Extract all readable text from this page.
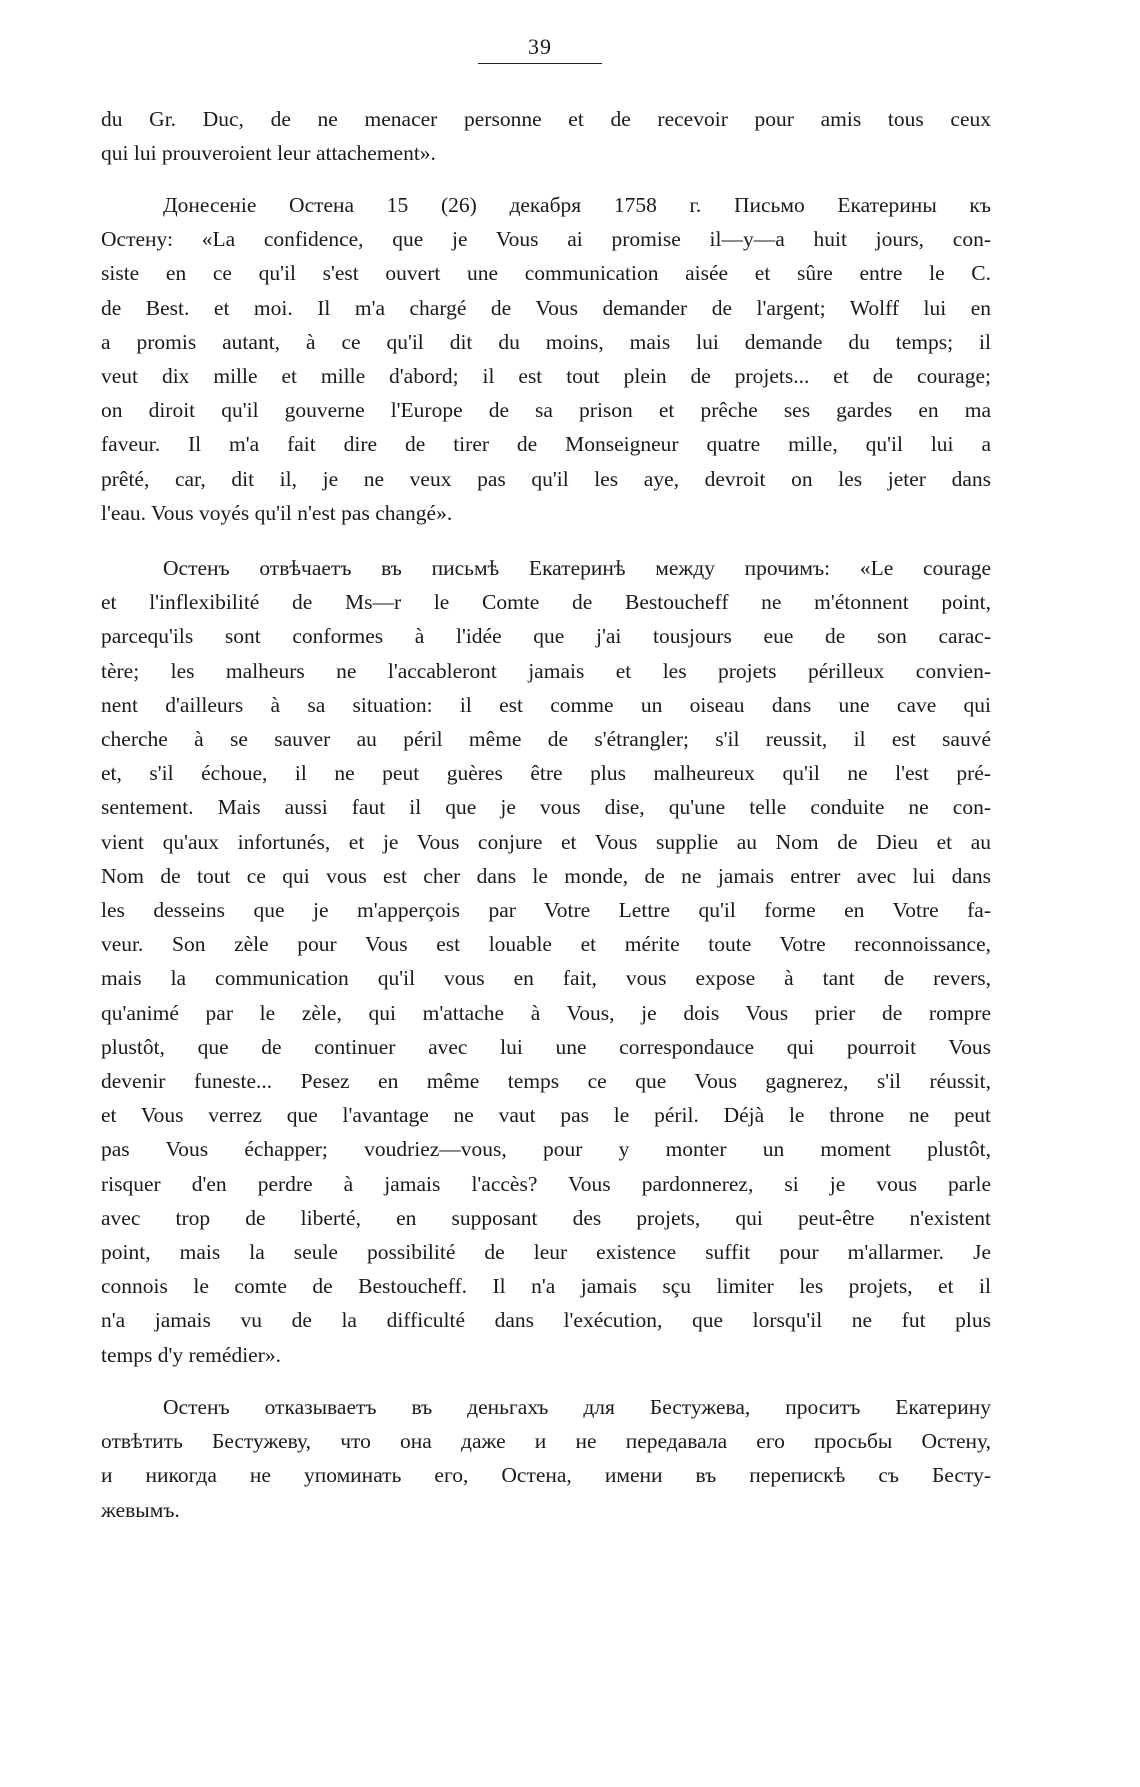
39
du Gr. Duc, de ne menacer personne et de recevoir pour amis tous ceux
qui lui prouveroient leur attachement».
Донесеніе Остена 15 (26) декабря 1758 г. Письмо Екатерины къ
Остену: «La confidence, que je Vous ai promise il—y—a huit jours, con-
siste en ce qu'il s'est ouvert une communication aisée et sûre entre le C.
de Best. et moi. Il m'a chargé de Vous demander de l'argent; Wolff lui en
a promis autant, à ce qu'il dit du moins, mais lui demande du temps; il
veut dix mille et mille d'abord; il est tout plein de projets... et de courage;
on diroit qu'il gouverne l'Europe de sa prison et prêche ses gardes en ma
faveur. Il m'a fait dire de tirer de Monseigneur quatre mille, qu'il lui a
prêté, car, dit il, je ne veux pas qu'il les aye, devroit on les jeter dans
l'eau. Vous voyés qu'il n'est pas changé».
Остенъ отвѣчаетъ въ письмѣ Екатеринѣ между прочимъ: «Le courage
et l'inflexibilité de Ms—r le Comte de Bestoucheff ne m'étonnent point,
parcequ'ils sont conformes à l'idée que j'ai tousjours eue de son carac-
tère; les malheurs ne l'accableront jamais et les projets périlleux convien-
nent d'ailleurs à sa situation: il est comme un oiseau dans une cave qui
cherche à se sauver au péril même de s'étrangler; s'il reussit, il est sauvé
et, s'il échoue, il ne peut guères être plus malheureux qu'il ne l'est pré-
sentement. Mais aussi faut il que je vous dise, qu'une telle conduite ne con-
vient qu'aux infortunés, et je Vous conjure et Vous supplie au Nom de Dieu et au
Nom de tout ce qui vous est cher dans le monde, de ne jamais entrer avec lui dans
les desseins que je m'apperçois par Votre Lettre qu'il forme en Votre fa-
veur. Son zèle pour Vous est louable et mérite toute Votre reconnoissance,
mais la communication qu'il vous en fait, vous expose à tant de revers,
qu'animé par le zèle, qui m'attache à Vous, je dois Vous prier de rompre
plustôt, que de continuer avec lui une correspondauce qui pourroit Vous
devenir funeste... Pesez en même temps ce que Vous gagnerez, s'il réussit,
et Vous verrez que l'avantage ne vaut pas le péril. Déjà le throne ne peut
pas Vous échapper; voudriez—vous, pour y monter un moment plustôt,
risquer d'en perdre à jamais l'accès? Vous pardonnerez, si je vous parle
avec trop de liberté, en supposant des projets, qui peut-être n'existent
point, mais la seule possibilité de leur existence suffit pour m'allarmer. Je
connois le comte de Bestoucheff. Il n'a jamais sçu limiter les projets, et il
n'a jamais vu de la difficulté dans l'exécution, que lorsqu'il ne fut plus
temps d'y remédier».
Остенъ отказываетъ въ деньгахъ для Бестужева, проситъ Екатерину
отвѣтить Бестужеву, что она даже и не передавала его просьбы Остену,
и никогда не упоминать его, Остена, имени въ перепискѣ съ Бесту-
жевымъ.
